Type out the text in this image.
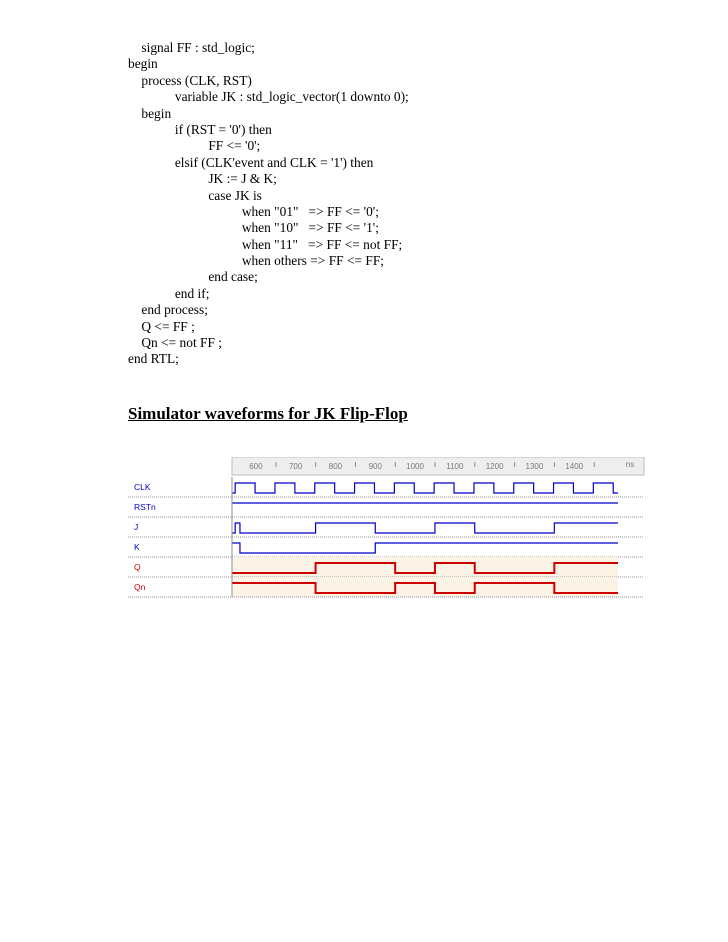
signal FF : std_logic;
begin
process (CLK, RST)
variable JK : std_logic_vector(1 downto 0);
begin
if (RST = '0') then
FF <= '0';
elsif (CLK'event and CLK = '1') then
JK := J & K;
case JK is
when "01"   => FF <= '0';
when "10"   => FF <= '1';
when "11"   => FF <= not FF;
when others => FF <= FF;
end case;
end if;
end process;
Q <= FF ;
Qn <= not FF ;
end RTL;
Simulator waveforms for JK Flip-Flop
600	700	800	900	1000	1100	1200	1300	1400	ns
CLK
RSTn
J
K
Q
Qn
